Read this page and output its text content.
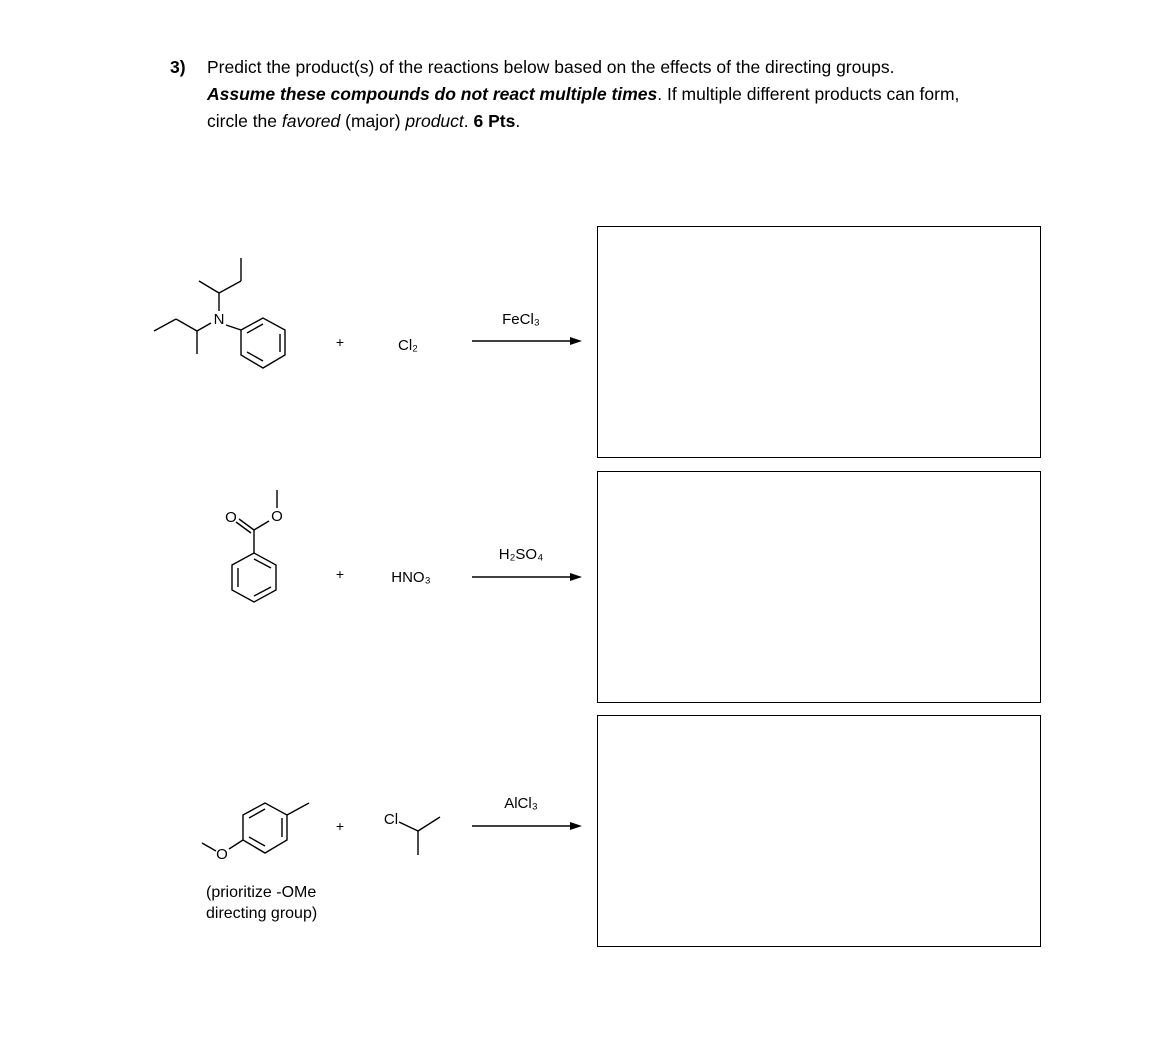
3) Predict the product(s) of the reactions below based on the effects of the directing groups.
Assume these compounds do not react multiple times. If multiple different products can form,
circle the favored (major) product. 6 Pts.
N
+	Cl₂
FeCl₃
O O
+	HNO₃
H₂SO₄
O
+	Cl
AlCl₃
(prioritize -OMe
directing group)
